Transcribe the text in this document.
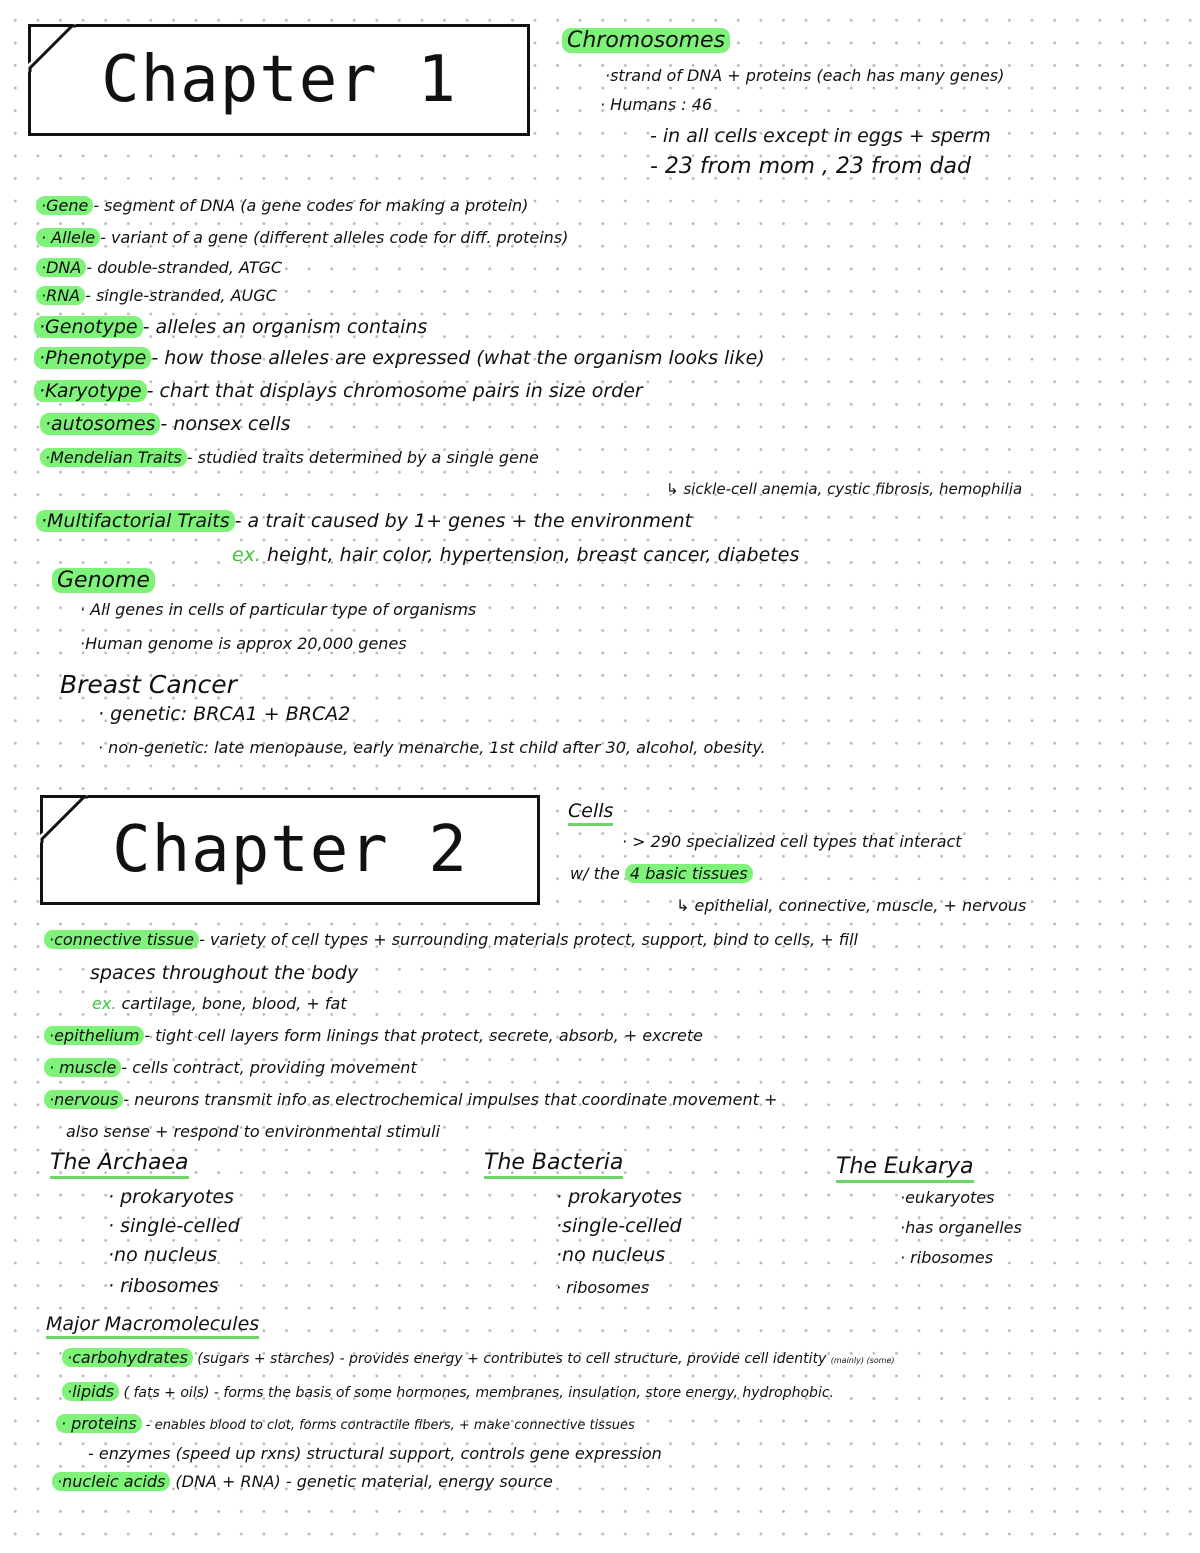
Chapter 1
Chromosomes
·strand of DNA + proteins (each has many genes)
· Humans : 46
- in all cells except in eggs + sperm
- 23 from mom , 23 from dad
·Gene - segment of DNA (a gene codes for making a protein)
· Allele - variant of a gene (different alleles code for diff. proteins)
·DNA - double-stranded, ATGC
·RNA - single-stranded, AUGC
·Genotype - alleles an organism contains
·Phenotype - how those alleles are expressed (what the organism looks like)
·Karyotype - chart that displays chromosome pairs in size order
·autosomes - nonsex cells
·Mendelian Traits - studied traits determined by a single gene
↳ sickle-cell anemia, cystic fibrosis, hemophilia
·Multifactorial Traits - a trait caused by 1+ genes + the environment
ex. height, hair color, hypertension, breast cancer, diabetes
Genome
· All genes in cells of particular type of organisms
·Human genome is approx 20,000 genes
Breast Cancer
· genetic: BRCA1 + BRCA2
· non-genetic: late menopause, early menarche, 1st child after 30, alcohol, obesity.
Chapter 2
Cells
· > 290 specialized cell types that interact
w/ the 4 basic tissues
↳ epithelial, connective, muscle, + nervous
·connective tissue - variety of cell types + surrounding materials protect, support, bind to cells, + fill
spaces throughout the body
ex. cartilage, bone, blood, + fat
·epithelium - tight cell layers form linings that protect, secrete, absorb, + excrete
· muscle - cells contract, providing movement
·nervous - neurons transmit info as electrochemical impulses that coordinate movement +
also sense + respond to environmental stimuli
The Archaea
· prokaryotes
· single-celled
·no nucleus
· ribosomes
The Bacteria
· prokaryotes
·single-celled
·no nucleus
· ribosomes
The Eukarya
·eukaryotes
·has organelles
· ribosomes
Major Macromolecules
·carbohydrates (sugars + starches) - provides energy + contributes to cell structure, provide cell identity (mainly) (some)
·lipids ( fats + oils) - forms the basis of some hormones, membranes, insulation, store energy, hydrophobic.
· proteins - enables blood to clot, forms contractile fibers, + make connective tissues
- enzymes (speed up rxns) structural support, controls gene expression
·nucleic acids (DNA + RNA) - genetic material, energy source
